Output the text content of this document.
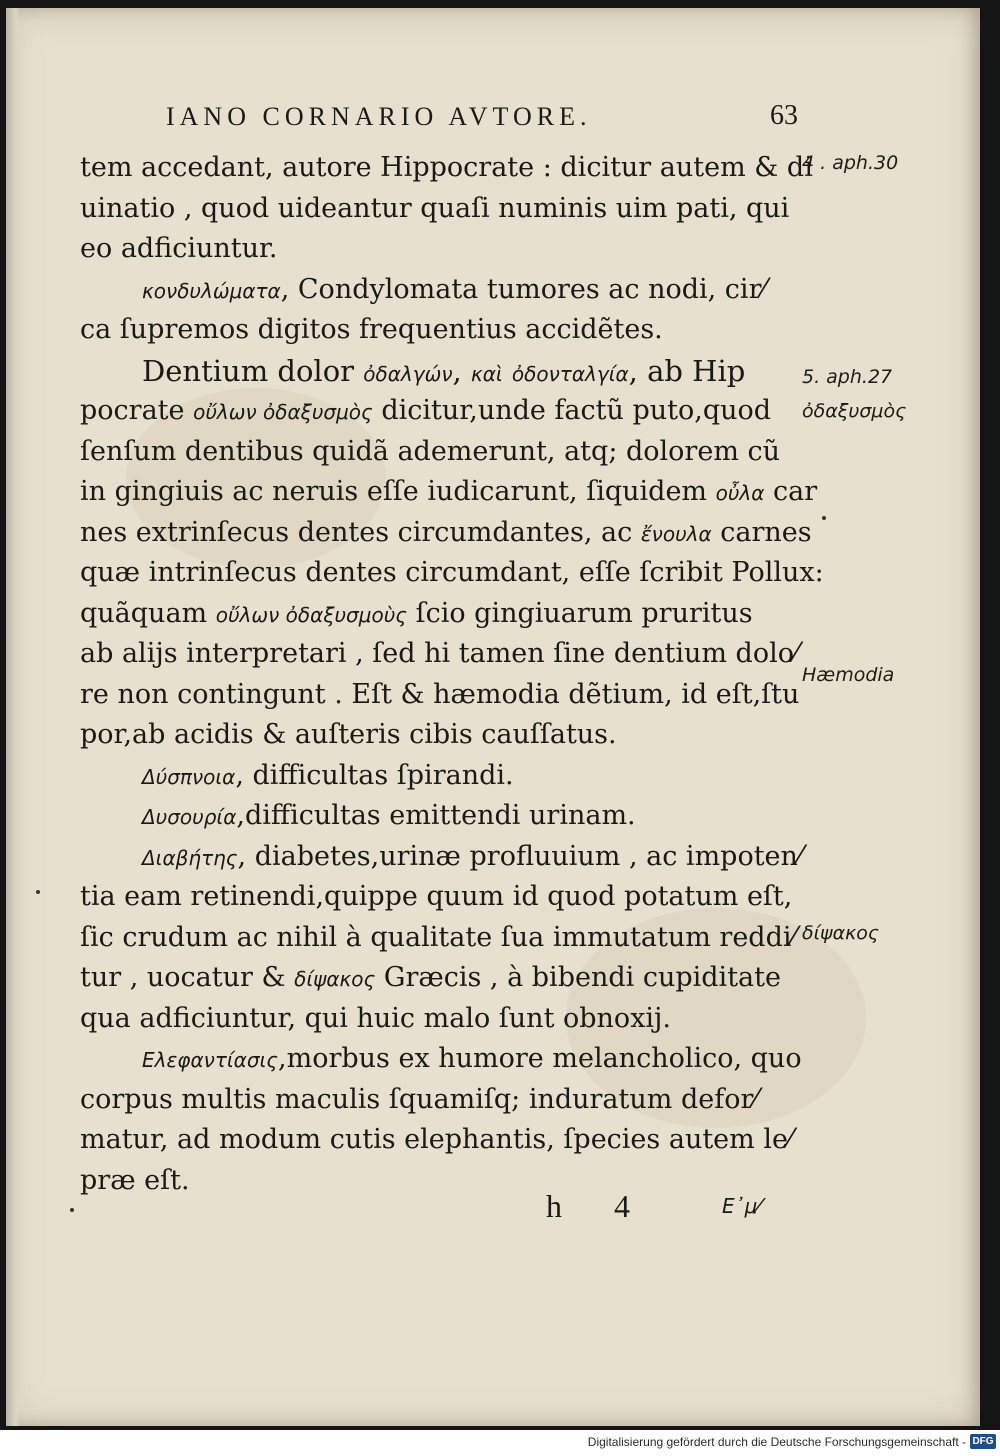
IANO CORNARIO AVTORE.	63
tem accedant, autore Hippocrate : dicitur autem & di
uinatio , quod uideantur quaſi numinis uim pati, qui
eo adficiuntur.
κονδυλώματα, Condylomata tumores ac nodi, cir⁄
ca ſupremos digitos frequentius accidẽtes.
Dentium dolor ὀδαλγών, καὶ ὀδονταλγία, ab Hip
pocrate οὔλων ὀδαξυσμὸς dicitur,unde factũ puto,quod
ſenſum dentibus quidã ademerunt, atq; dolorem cũ
in gingiuis ac neruis eſſe iudicarunt, ſiquidem οὖλα car
nes extrinſecus dentes circumdantes, ac ἔνουλα carnes
quæ intrinſecus dentes circumdant, eſſe ſcribit Pollux:
quãquam οὔλων ὀδαξυσμοὺς ſcio gingiuarum pruritus
ab alijs interpretari , ſed hi tamen ſine dentium dolo⁄
re non contingunt . Eſt & hæmodia dẽtium, id eſt,ſtu
por,ab acidis & auſteris cibis cauſſatus.
Δύσπνοια, difficultas ſpirandi.
Δυσουρία,difficultas emittendi urinam.
Διαβήτης, diabetes,urinæ profluuium , ac impoten⁄
tia eam retinendi,quippe quum id quod potatum eſt,
ſic crudum ac nihil à qualitate ſua immutatum reddi⁄
tur , uocatur & δίψακος Græcis , à bibendi cupiditate
qua adficiuntur, qui huic malo ſunt obnoxij.
Ελεφαντίασις,morbus ex humore melancholico, quo
corpus multis maculis ſquamiſq; induratum defor⁄
matur, ad modum cutis elephantis, ſpecies autem le⁄
præ eſt.
4 . aph.30
5. aph.27
ὀδαξυσμὸς
Hæmodia
δίψακος
h 4	Ε᾽μ⁄
Digitalisierung gefördert durch die Deutsche Forschungsgemeinschaft - DFG
